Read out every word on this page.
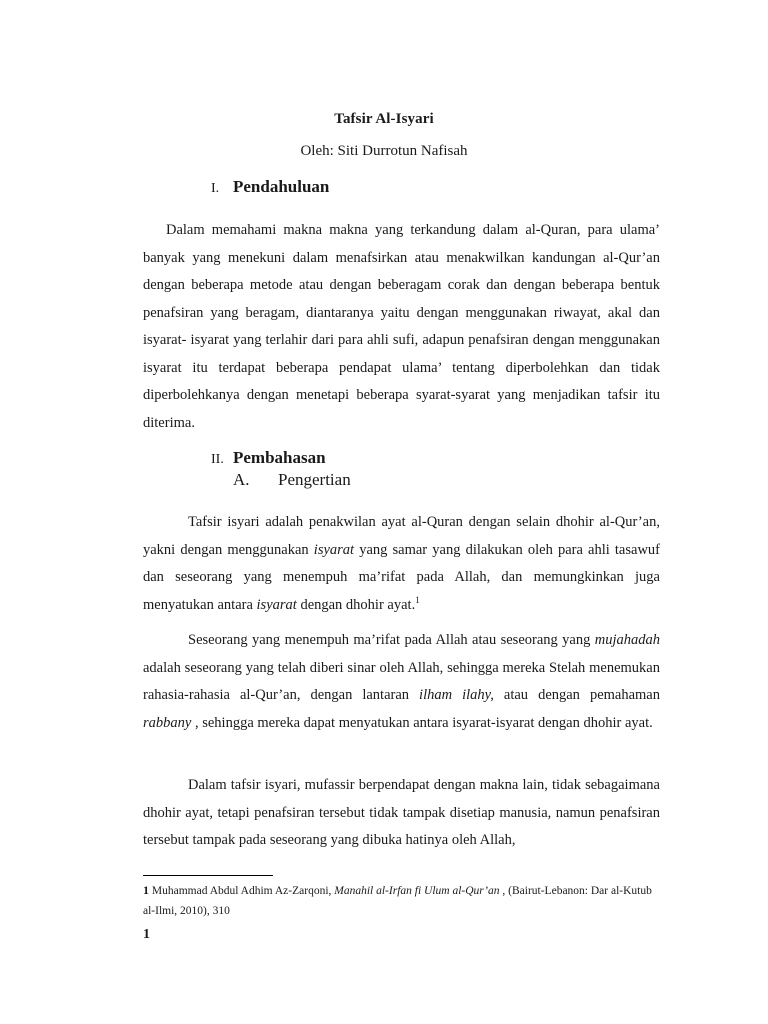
Tafsir Al-Isyari
Oleh: Siti Durrotun Nafisah
I. Pendahuluan

Dalam memahami makna makna yang terkandung dalam al-Quran, para ulama’ banyak yang menekuni dalam menafsirkan atau menakwilkan kandungan al-Qur’an dengan beberapa metode atau dengan beberagam corak dan dengan beberapa bentuk penafsiran yang beragam, diantaranya yaitu dengan menggunakan riwayat, akal dan isyarat- isyarat yang terlahir dari para ahli sufi, adapun penafsiran dengan menggunakan isyarat itu terdapat beberapa pendapat ulama’ tentang diperbolehkan dan tidak diperbolehkanya dengan menetapi beberapa syarat-syarat yang menjadikan tafsir itu diterima.

II. Pembahasan
A. Pengertian

Tafsir isyari adalah penakwilan ayat al-Quran dengan selain dhohir al-Qur’an, yakni dengan menggunakan isyarat yang samar yang dilakukan oleh para ahli tasawuf dan seseorang yang menempuh ma’rifat pada Allah, dan memungkinkan juga menyatukan antara isyarat dengan dhohir ayat.$^1$

Seseorang yang menempuh ma’rifat pada Allah atau seseorang yang mujahadah adalah seseorang yang telah diberi sinar oleh Allah, sehingga mereka Stelah menemukan rahasia-rahasia al-Qur’an, dengan lantaran ilham ilahy, atau dengan pemahaman rabbany , sehingga mereka dapat menyatukan antara isyarat-isyarat dengan dhohir ayat.

Dalam tafsir isyari, mufassir berpendapat dengan makna lain, tidak sebagaimana dhohir ayat, tetapi penafsiran tersebut tidak tampak disetiap manusia, namun penafsiran tersebut tampak pada seseorang yang dibuka hatinya oleh Allah,

1 Muhammad Abdul Adhim Az-Zarqoni, Manahil al-Irfan fi Ulum al-Qur’an , (Bairut-Lebanon: Dar al-Kutub al-Ilmi, 2010), 310

1
